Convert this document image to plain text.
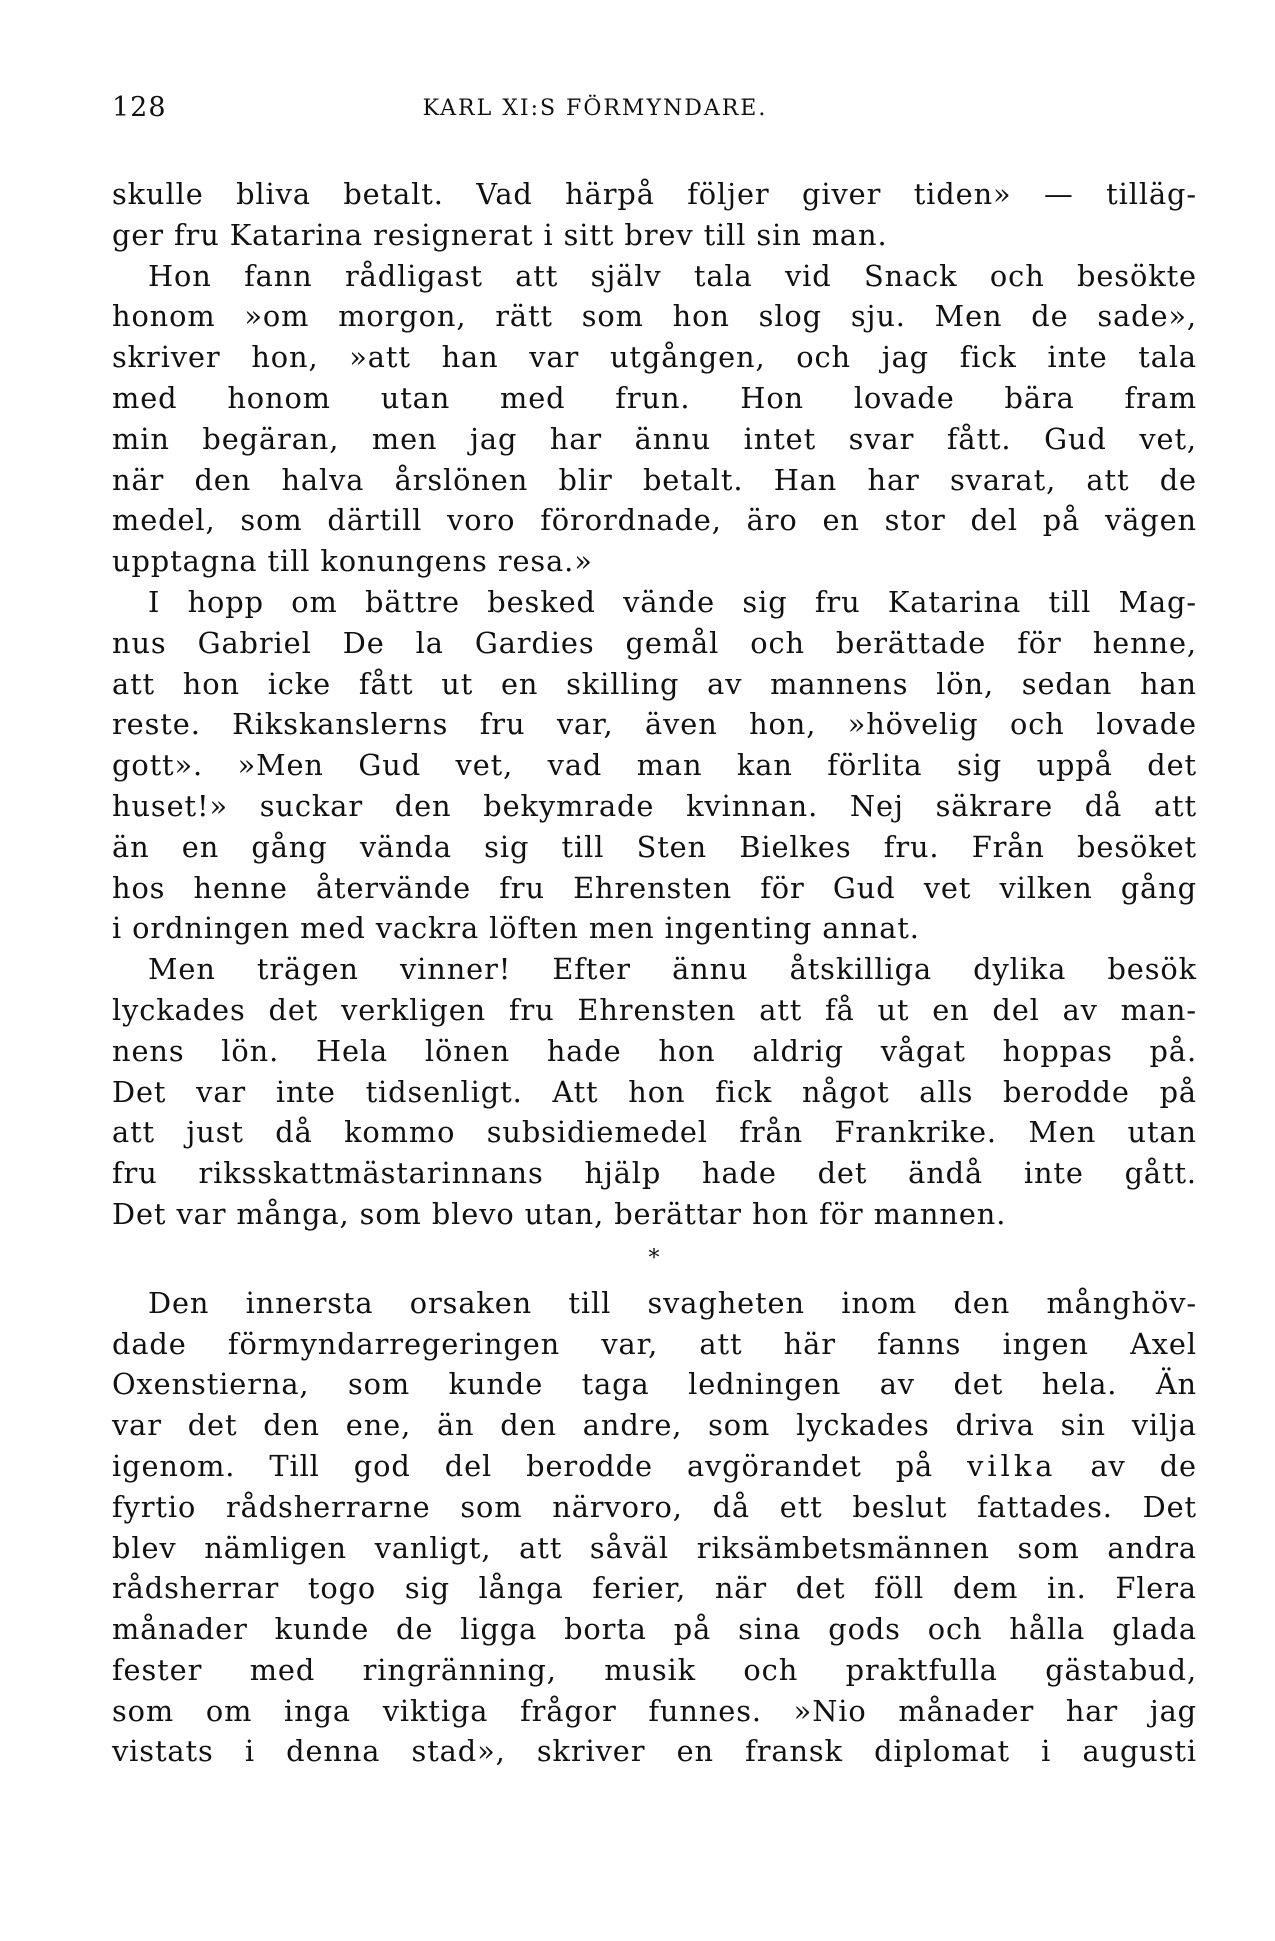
128	KARL XI:S FÖRMYNDARE.
skulle bliva betalt. Vad härpå följer giver tiden» — tilläg-
ger fru Katarina resignerat i sitt brev till sin man.
Hon fann rådligast att själv tala vid Snack och besökte
honom »om morgon, rätt som hon slog sju. Men de sade»,
skriver hon, »att han var utgången, och jag fick inte tala
med honom utan med frun. Hon lovade bära fram
min begäran, men jag har ännu intet svar fått. Gud vet,
när den halva årslönen blir betalt. Han har svarat, att de
medel, som därtill voro förordnade, äro en stor del på vägen
upptagna till konungens resa.»
I hopp om bättre besked vände sig fru Katarina till Mag-
nus Gabriel De la Gardies gemål och berättade för henne,
att hon icke fått ut en skilling av mannens lön, sedan han
reste. Rikskanslerns fru var, även hon, »hövelig och lovade
gott». »Men Gud vet, vad man kan förlita sig uppå det
huset!» suckar den bekymrade kvinnan. Nej säkrare då att
än en gång vända sig till Sten Bielkes fru. Från besöket
hos henne återvände fru Ehrensten för Gud vet vilken gång
i ordningen med vackra löften men ingenting annat.
Men trägen vinner! Efter ännu åtskilliga dylika besök
lyckades det verkligen fru Ehrensten att få ut en del av man-
nens lön. Hela lönen hade hon aldrig vågat hoppas på.
Det var inte tidsenligt. Att hon fick något alls berodde på
att just då kommo subsidiemedel från Frankrike. Men utan
fru riksskattmästarinnans hjälp hade det ändå inte gått.
Det var många, som blevo utan, berättar hon för mannen.
*
Den innersta orsaken till svagheten inom den månghöv-
dade förmyndarregeringen var, att här fanns ingen Axel
Oxenstierna, som kunde taga ledningen av det hela. Än
var det den ene, än den andre, som lyckades driva sin vilja
igenom. Till god del berodde avgörandet på vilka av de
fyrtio rådsherrarne som närvoro, då ett beslut fattades. Det
blev nämligen vanligt, att såväl riksämbetsmännen som andra
rådsherrar togo sig långa ferier, när det föll dem in. Flera
månader kunde de ligga borta på sina gods och hålla glada
fester med ringränning, musik och praktfulla gästabud,
som om inga viktiga frågor funnes. »Nio månader har jag
vistats i denna stad», skriver en fransk diplomat i augusti
